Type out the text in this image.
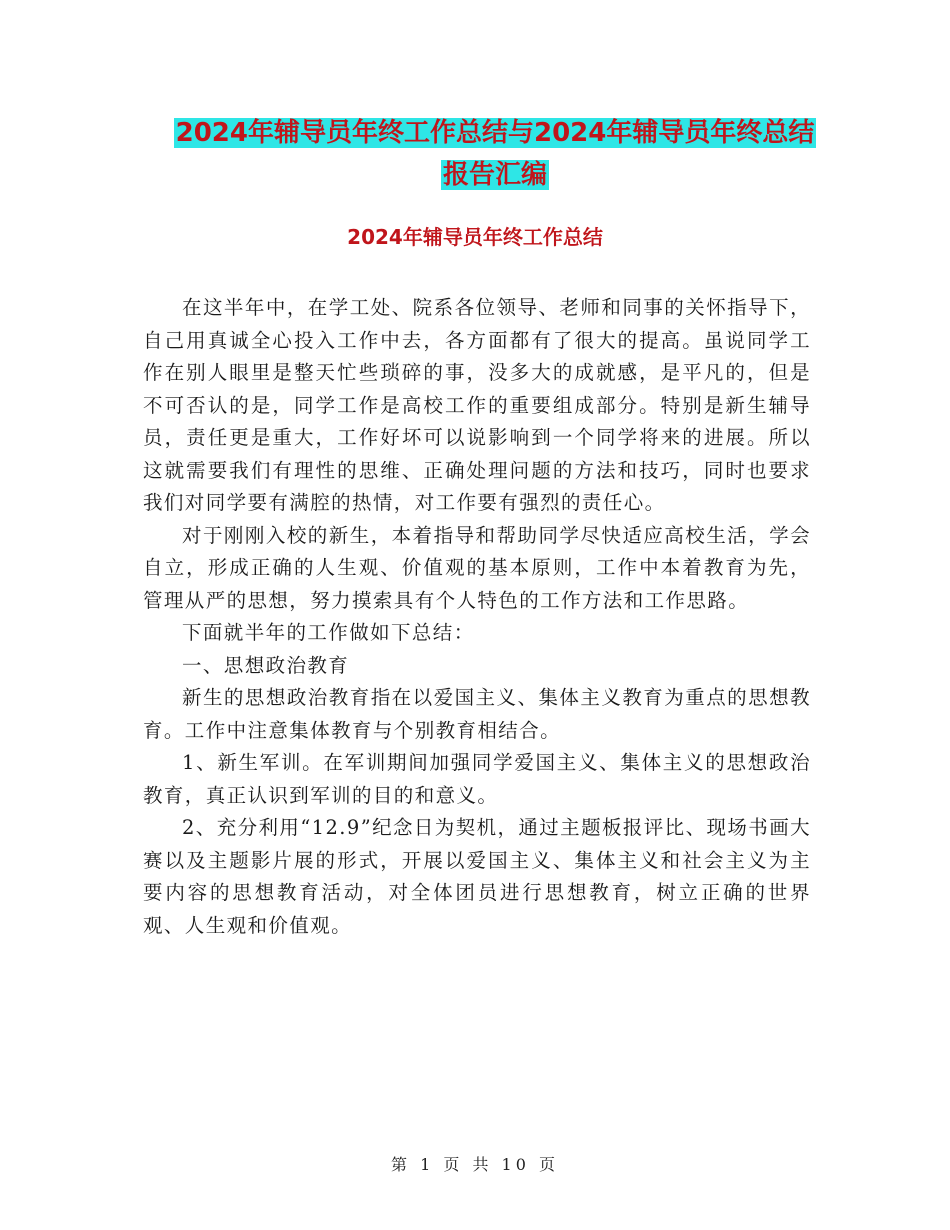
2024年辅导员年终工作总结与2024年辅导员年终总结
报告汇编
2024年辅导员年终工作总结

在这半年中，在学工处、院系各位领导、老师和同事的关怀指导下，自己用真诚全心投入工作中去，各方面都有了很大的提高。虽说同学工作在别人眼里是整天忙些琐碎的事，没多大的成就感，是平凡的，但是不可否认的是，同学工作是高校工作的重要组成部分。特别是新生辅导员，责任更是重大，工作好坏可以说影响到一个同学将来的进展。所以这就需要我们有理性的思维、正确处理问题的方法和技巧，同时也要求我们对同学要有满腔的热情，对工作要有强烈的责任心。

对于刚刚入校的新生，本着指导和帮助同学尽快适应高校生活，学会自立，形成正确的人生观、价值观的基本原则，工作中本着教育为先，管理从严的思想，努力摸索具有个人特色的工作方法和工作思路。

下面就半年的工作做如下总结：

一、思想政治教育

新生的思想政治教育指在以爱国主义、集体主义教育为重点的思想教育。工作中注意集体教育与个别教育相结合。

1、新生军训。在军训期间加强同学爱国主义、集体主义的思想政治教育，真正认识到军训的目的和意义。

2、充分利用“12.9”纪念日为契机，通过主题板报评比、现场书画大赛以及主题影片展的形式，开展以爱国主义、集体主义和社会主义为主要内容的思想教育活动，对全体团员进行思想教育，树立正确的世界观、人生观和价值观。

第 1 页 共 10 页
